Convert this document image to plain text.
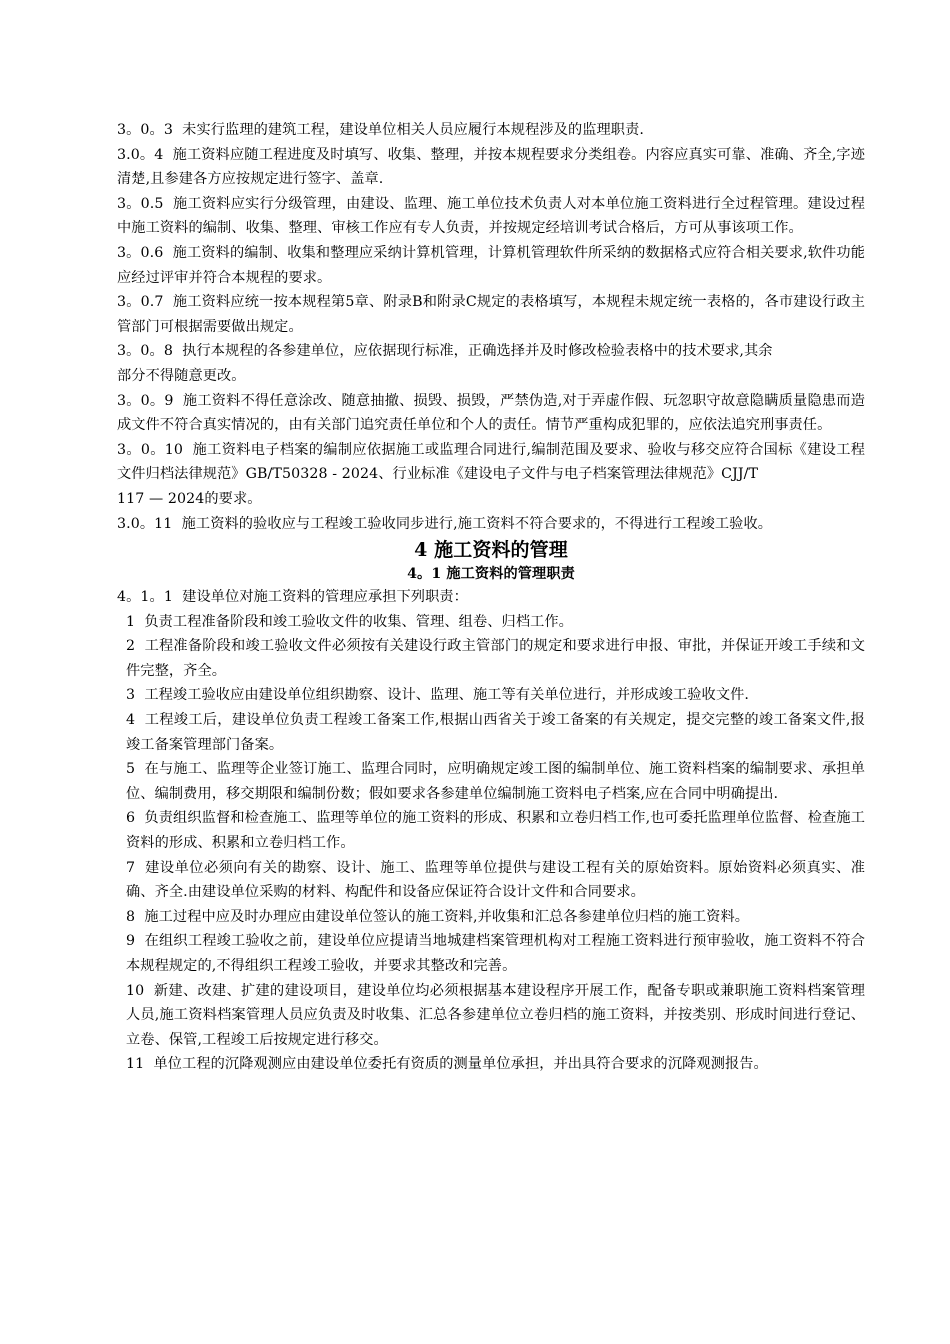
3。0。3  未实行监理的建筑工程，建设单位相关人员应履行本规程涉及的监理职责.

3.0。4  施工资料应随工程进度及时填写、收集、整理，并按本规程要求分类组卷。内容应真实可靠、准确、齐全,字迹清楚,且参建各方应按规定进行签字、盖章.

3。0.5  施工资料应实行分级管理，由建设、监理、施工单位技术负责人对本单位施工资料进行全过程管理。建设过程中施工资料的编制、收集、整理、审核工作应有专人负责，并按规定经培训考试合格后，方可从事该项工作。

3。0.6  施工资料的编制、收集和整理应采纳计算机管理，计算机管理软件所采纳的数据格式应符合相关要求,软件功能应经过评审并符合本规程的要求。

3。0.7  施工资料应统一按本规程第5章、附录B和附录C规定的表格填写，本规程未规定统一表格的，各市建设行政主管部门可根据需要做出规定。

3。0。8  执行本规程的各参建单位，应依据现行标准，正确选择并及时修改检验表格中的技术要求,其余
部分不得随意更改。

3。0。9  施工资料不得任意涂改、随意抽撤、损毁、损毁，严禁伪造,对于弄虚作假、玩忽职守故意隐瞒质量隐患而造成文件不符合真实情况的，由有关部门追究责任单位和个人的责任。情节严重构成犯罪的，应依法追究刑事责任。

3。0。10  施工资料电子档案的编制应依据施工或监理合同进行,编制范围及要求、验收与移交应符合国标《建设工程文件归档法律规范》GB/T50328 - 2024、行业标准《建设电子文件与电子档案管理法律规范》CJJ/T
117 — 2024的要求。

3.0。11  施工资料的验收应与工程竣工验收同步进行,施工资料不符合要求的，不得进行工程竣工验收。

4 施工资料的管理
4。1 施工资料的管理职责

4。1。1  建设单位对施工资料的管理应承担下列职责：

1  负责工程准备阶段和竣工验收文件的收集、管理、组卷、归档工作。

2  工程准备阶段和竣工验收文件必须按有关建设行政主管部门的规定和要求进行申报、审批，并保证开竣工手续和文件完整，齐全。

3  工程竣工验收应由建设单位组织勘察、设计、监理、施工等有关单位进行，并形成竣工验收文件.

4  工程竣工后，建设单位负责工程竣工备案工作,根据山西省关于竣工备案的有关规定，提交完整的竣工备案文件,报竣工备案管理部门备案。

5  在与施工、监理等企业签订施工、监理合同时，应明确规定竣工图的编制单位、施工资料档案的编制要求、承担单位、编制费用，移交期限和编制份数；假如要求各参建单位编制施工资料电子档案,应在合同中明确提出.

6  负责组织监督和检查施工、监理等单位的施工资料的形成、积累和立卷归档工作,也可委托监理单位监督、检查施工资料的形成、积累和立卷归档工作。

7  建设单位必须向有关的勘察、设计、施工、监理等单位提供与建设工程有关的原始资料。原始资料必须真实、准确、齐全.由建设单位采购的材料、构配件和设备应保证符合设计文件和合同要求。

8  施工过程中应及时办理应由建设单位签认的施工资料,并收集和汇总各参建单位归档的施工资料。

9  在组织工程竣工验收之前，建设单位应提请当地城建档案管理机构对工程施工资料进行预审验收，施工资料不符合本规程规定的,不得组织工程竣工验收，并要求其整改和完善。

10  新建、改建、扩建的建设项目，建设单位均必须根据基本建设程序开展工作，配备专职或兼职施工资料档案管理人员,施工资料档案管理人员应负责及时收集、汇总各参建单位立卷归档的施工资料，并按类别、形成时间进行登记、立卷、保管,工程竣工后按规定进行移交。

11  单位工程的沉降观测应由建设单位委托有资质的测量单位承担，并出具符合要求的沉降观测报告。
